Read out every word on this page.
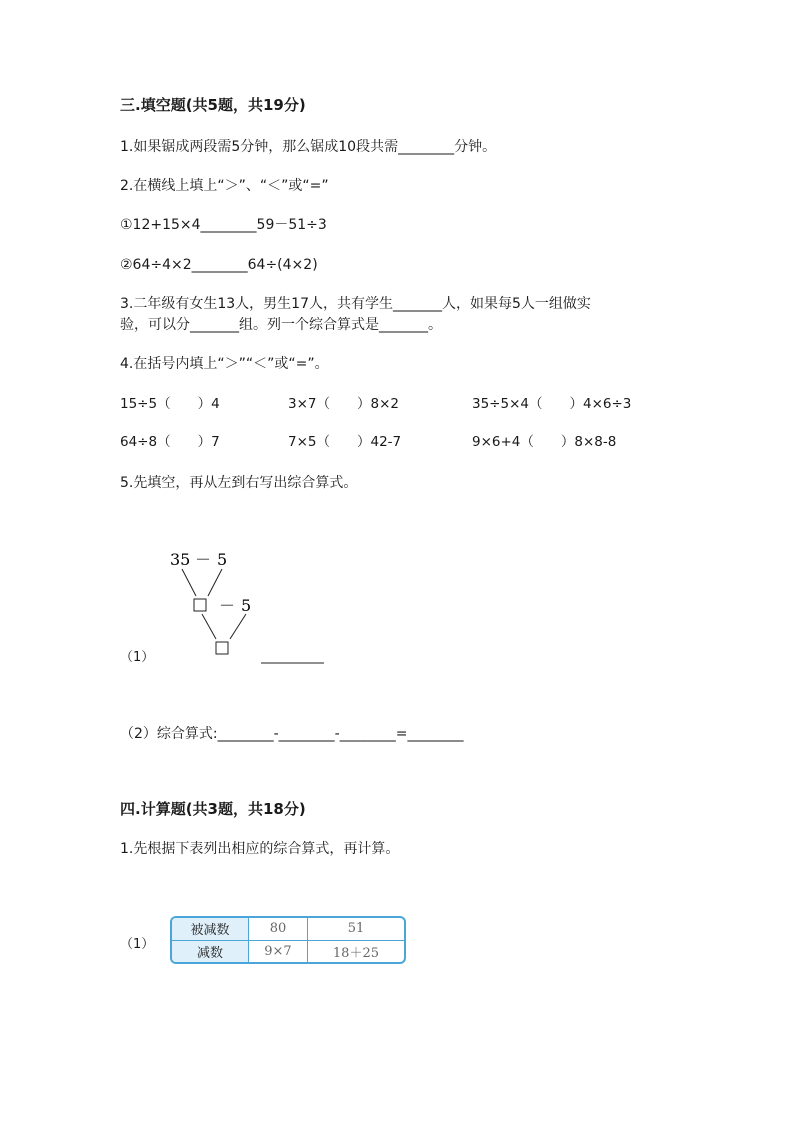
三.填空题(共5题，共19分)
1.如果锯成两段需5分钟，那么锯成10段共需________分钟。
2.在横线上填上“＞”、“＜”或“=”
①12+15×4________59－51÷3
②64÷4×2________64÷(4×2)
3.二年级有女生13人，男生17人，共有学生_______人，如果每5人一组做实
验，可以分_______组。列一个综合算式是_______。
4.在括号内填上“＞”“＜”或“=”。
15÷5（　　）4	3×7（　　）8×2	35÷5×4（　　）4×6÷3
64÷8（　　）7	7×5（　　）42-7	9×6+4（　　）8×8-8
5.先填空，再从左到右写出综合算式。
35 － 5
－ 5
（1）
（2）综合算式:________-________-________=________
四.计算题(共3题，共18分)
1.先根据下表列出相应的综合算式，再计算。
（1）
被减数	80	51
减数	9×7	18＋25
